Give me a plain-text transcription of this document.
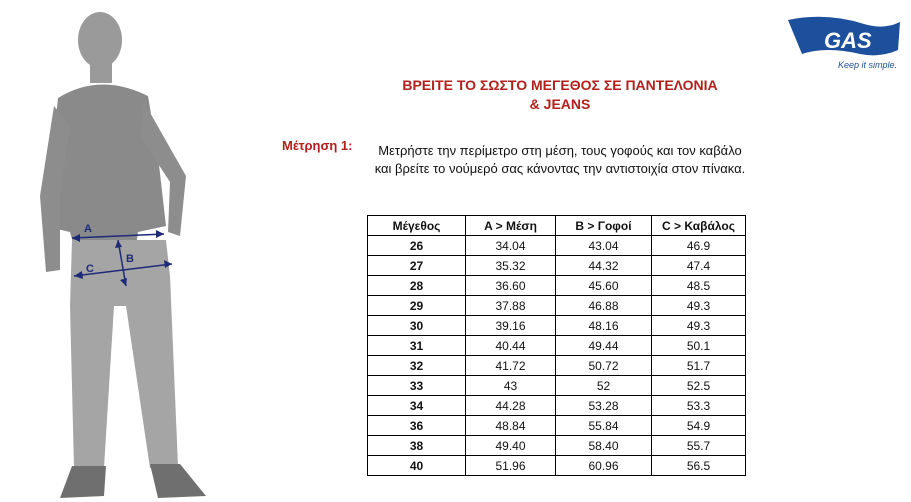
A
B
C
GAS
Keep it simple.
ΒΡΕΙΤΕ ΤΟ ΣΩΣΤΟ ΜΕΓΕΘΟΣ ΣΕ ΠΑΝΤΕΛΟΝΙΑ
& JEANS
Μέτρηση 1:	Μετρήστε την περίμετρο στη μέση, τους γοφούς και τον καβάλο και βρείτε το νούμερό σας κάνοντας την αντιστοιχία στον πίνακα.
Μέγεθος	A > Μέση	B > Γοφοί	C > Καβάλος
26	34.04	43.04	46.9
27	35.32	44.32	47.4
28	36.60	45.60	48.5
29	37.88	46.88	49.3
30	39.16	48.16	49.3
31	40.44	49.44	50.1
32	41.72	50.72	51.7
33	43	52	52.5
34	44.28	53.28	53.3
36	48.84	55.84	54.9
38	49.40	58.40	55.7
40	51.96	60.96	56.5
